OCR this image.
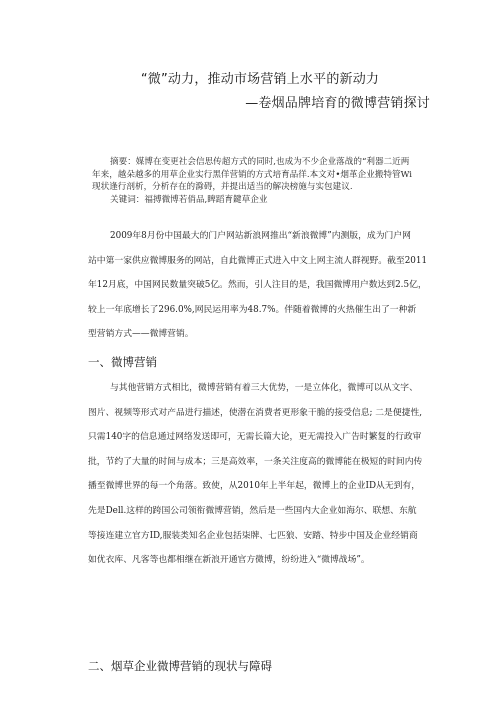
“微”动力，推动市场营销上水平的新动力
—卷烟品牌培育的微博营销探讨

摘要：媒博在变更社会信思传超方式的同时,也成为不少企业落战的“利器二近两

年来，越朵越多的用草企业实行黑佯营销的方式培育品徉.本文对•烟革企业搬特管Wi

现状逢行剖析，分析存在的滁碍，并提出适当的解决榜施与实包建议.

关键词：福搏微博若俏品,睥蹈育鍵草企业

2009年8月份中国最大的门户网站新浪网推出“新浪微博”内测版，成为门户网

站中第一家供应微博服务的网站，自此微博正式进入中文上网主流人群视野。截至2011

年12月底，中国网民数量突破5亿。然而，引人注目的是，我国微博用户数达到2.5亿，

较上一年底增长了296.0%,网民运用率为48.7%。伴随着微博的火热催生出了一种新

型营销方式——微博营销。

一、微博营销

与其他营销方式相比，微博营销有着三大优势，一是立体化，微博可以从文字、

图片、视频等形式对产品进行描述，使潜在消费者更形象干脆的接受信息; 二是便捷性,

只需140字的信息通过网络发送即可，无需长篇大论，更无需投入广告时繁复的行政审

批，节约了大量的时间与成本；三是高效率，一条关注度高的微博能在极短的时间内传

播至微博世界的每一个角落。致使，从2010年上半年起，微博上的企业ID从无到有，

先是Dell.这样的跨国公司领衔微博营销，然后是一些国内大企业如海尔、联想、东航

等接连建立官方ID,服装类知名企业包括柒牌、七匹狼、安踏、特步中国及企业经销商

如优衣库、凡客等也都相继在新浪开通官方微博，纷纷进入“微博战场”。

二、烟草企业微博营销的现状与障碍
